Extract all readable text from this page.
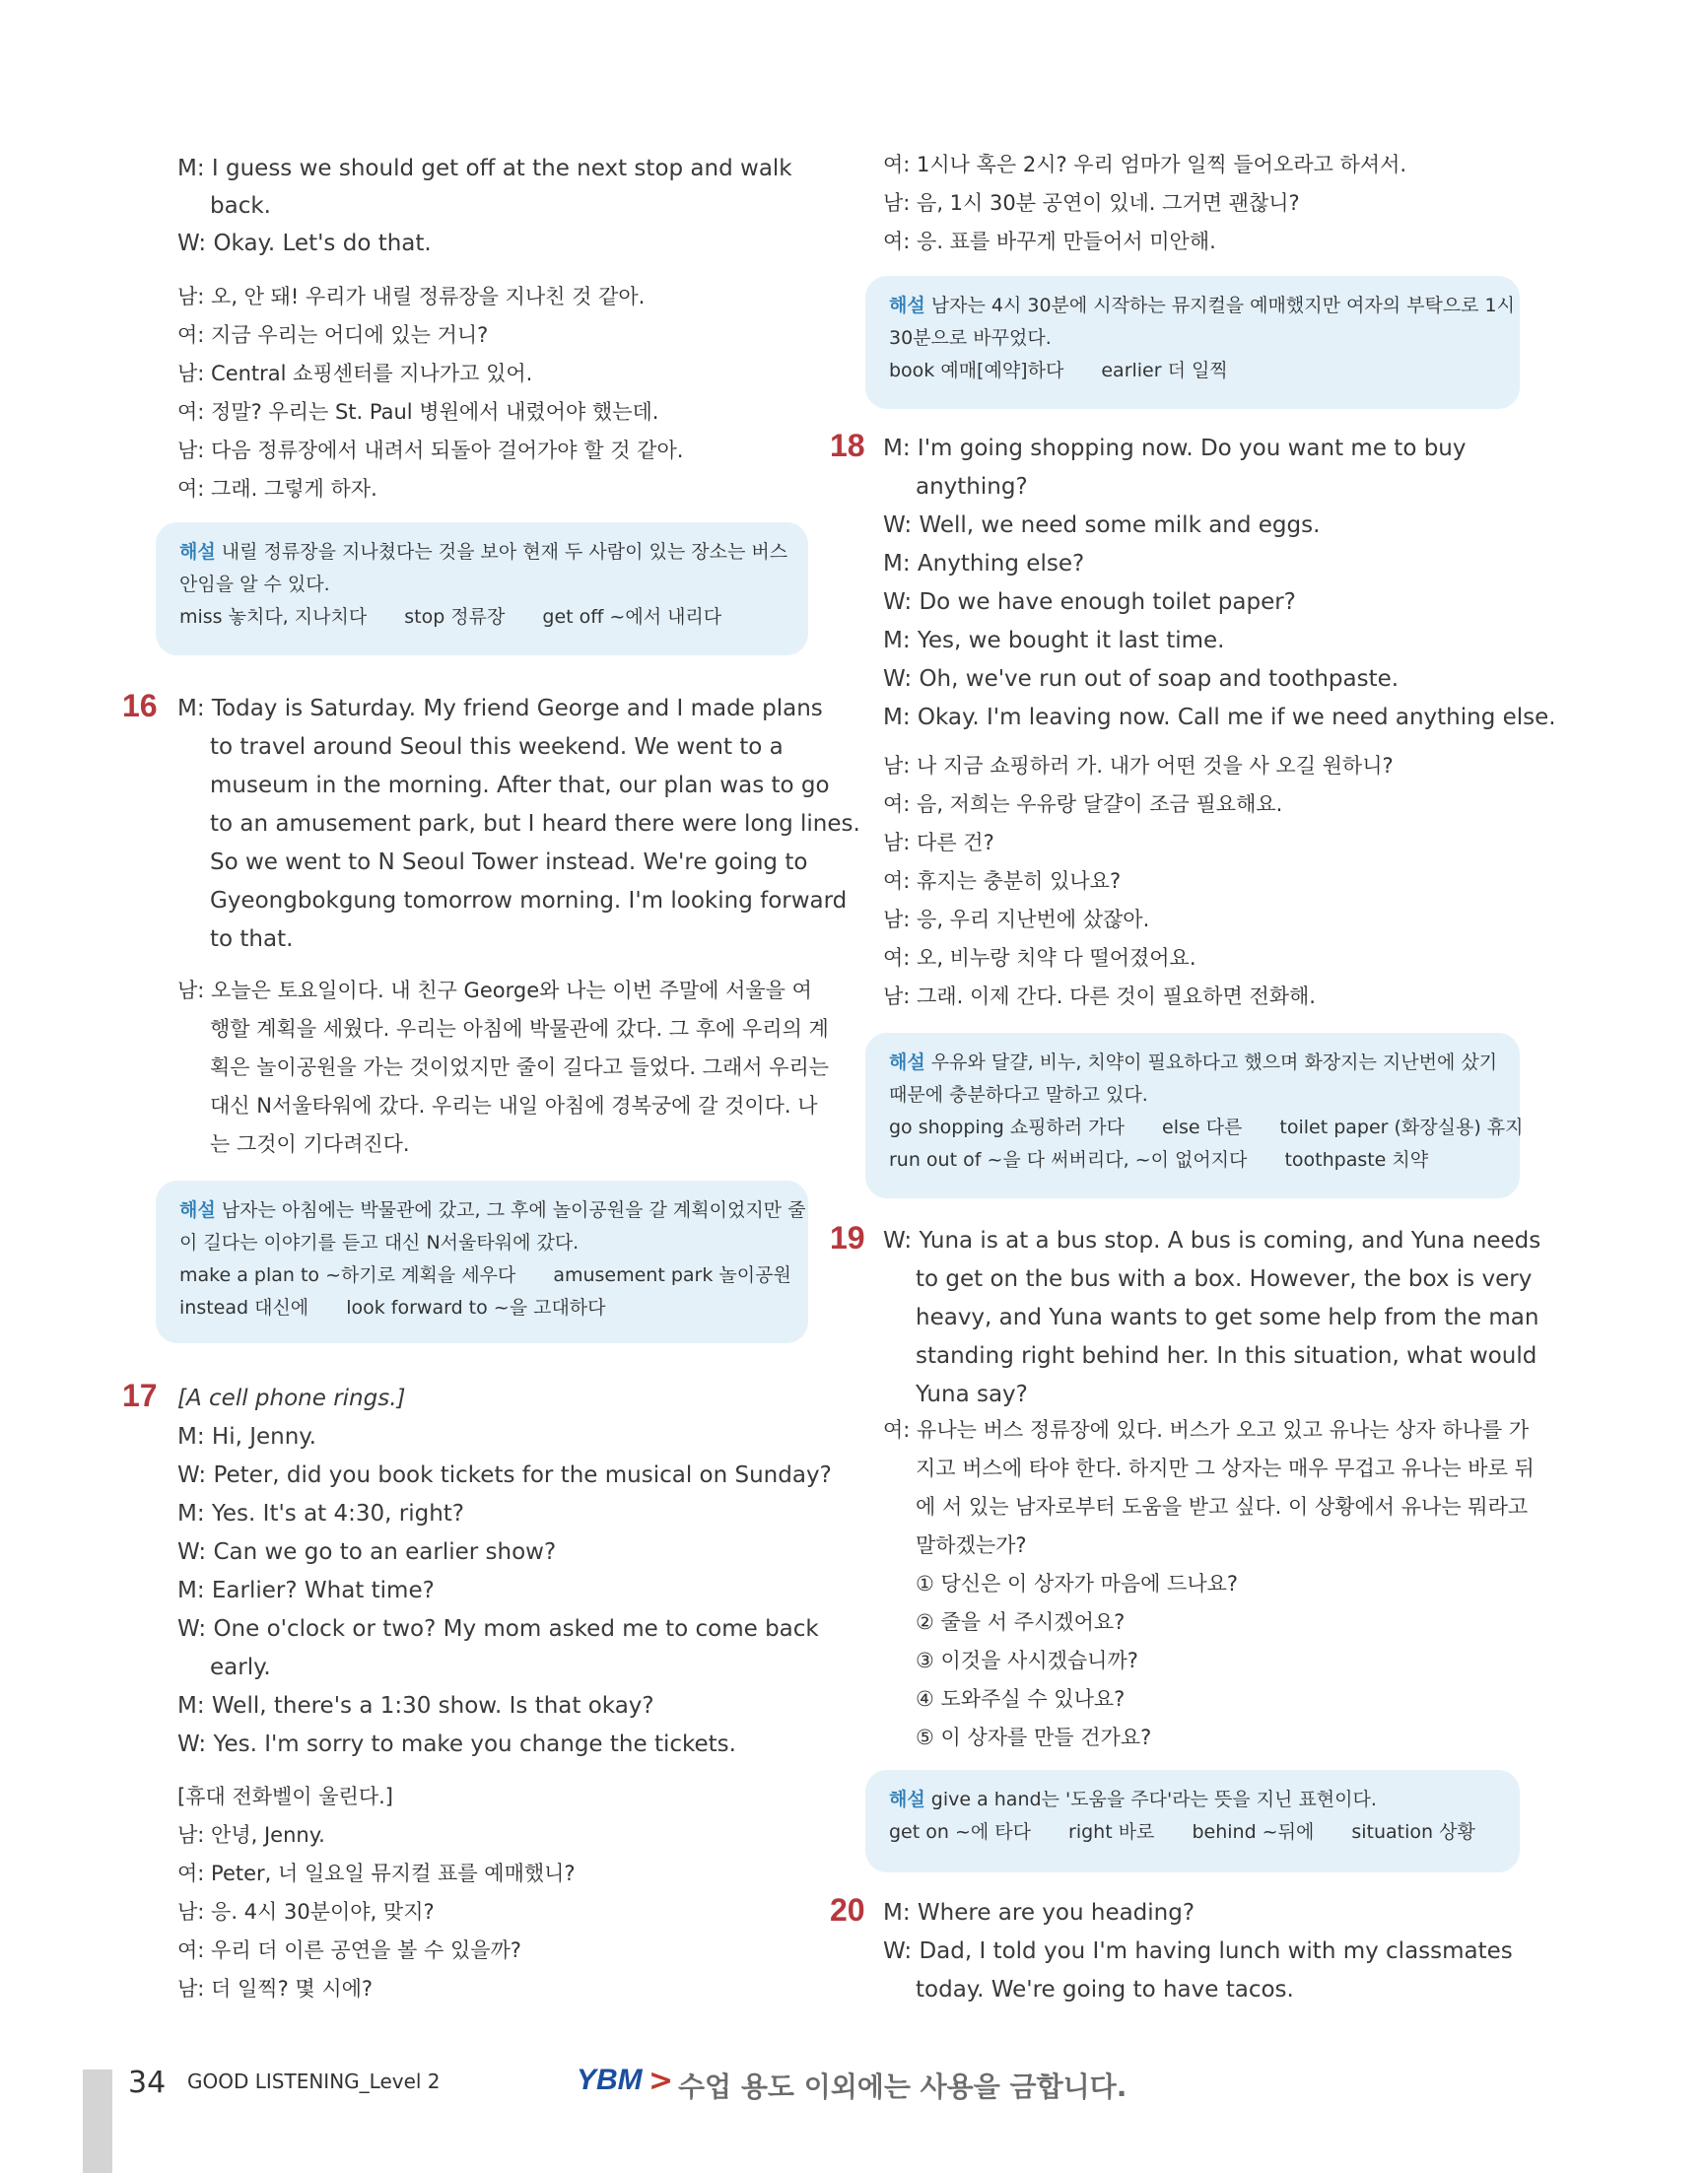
M: I guess we should get off at the next stop and walk
back.
W: Okay. Let's do that.
남: 오, 안 돼! 우리가 내릴 정류장을 지나친 것 같아.
여: 지금 우리는 어디에 있는 거니?
남: Central 쇼핑센터를 지나가고 있어.
여: 정말? 우리는 St. Paul 병원에서 내렸어야 했는데.
남: 다음 정류장에서 내려서 되돌아 걸어가야 할 것 같아.
여: 그래. 그렇게 하자.
해설 내릴 정류장을 지나쳤다는 것을 보아 현재 두 사람이 있는 장소는 버스
안임을 알 수 있다.
miss 놓치다, 지나치다 stop 정류장 get off ~에서 내리다
16 M: Today is Saturday. My friend George and I made plans
to travel around Seoul this weekend. We went to a
museum in the morning. After that, our plan was to go
to an amusement park, but I heard there were long lines.
So we went to N Seoul Tower instead. We're going to
Gyeongbokgung tomorrow morning. I'm looking forward
to that.
남: 오늘은 토요일이다. 내 친구 George와 나는 이번 주말에 서울을 여
행할 계획을 세웠다. 우리는 아침에 박물관에 갔다. 그 후에 우리의 계
획은 놀이공원을 가는 것이었지만 줄이 길다고 들었다. 그래서 우리는
대신 N서울타워에 갔다. 우리는 내일 아침에 경복궁에 갈 것이다. 나
는 그것이 기다려진다.
해설 남자는 아침에는 박물관에 갔고, 그 후에 놀이공원을 갈 계획이었지만 줄
이 길다는 이야기를 듣고 대신 N서울타워에 갔다.
make a plan to ~하기로 계획을 세우다 amusement park 놀이공원
instead 대신에 look forward to ~을 고대하다
17 [A cell phone rings.]
M: Hi, Jenny.
W: Peter, did you book tickets for the musical on Sunday?
M: Yes. It's at 4:30, right?
W: Can we go to an earlier show?
M: Earlier? What time?
W: One o'clock or two? My mom asked me to come back
early.
M: Well, there's a 1:30 show. Is that okay?
W: Yes. I'm sorry to make you change the tickets.
[휴대 전화벨이 울린다.]
남: 안녕, Jenny.
여: Peter, 너 일요일 뮤지컬 표를 예매했니?
남: 응. 4시 30분이야, 맞지?
여: 우리 더 이른 공연을 볼 수 있을까?
남: 더 일찍? 몇 시에?
여: 1시나 혹은 2시? 우리 엄마가 일찍 들어오라고 하셔서.
남: 음, 1시 30분 공연이 있네. 그거면 괜찮니?
여: 응. 표를 바꾸게 만들어서 미안해.
해설 남자는 4시 30분에 시작하는 뮤지컬을 예매했지만 여자의 부탁으로 1시
30분으로 바꾸었다.
book 예매[예약]하다 earlier 더 일찍
18 M: I'm going shopping now. Do you want me to buy
anything?
W: Well, we need some milk and eggs.
M: Anything else?
W: Do we have enough toilet paper?
M: Yes, we bought it last time.
W: Oh, we've run out of soap and toothpaste.
M: Okay. I'm leaving now. Call me if we need anything else.
남: 나 지금 쇼핑하러 가. 내가 어떤 것을 사 오길 원하니?
여: 음, 저희는 우유랑 달걀이 조금 필요해요.
남: 다른 건?
여: 휴지는 충분히 있나요?
남: 응, 우리 지난번에 샀잖아.
여: 오, 비누랑 치약 다 떨어졌어요.
남: 그래. 이제 간다. 다른 것이 필요하면 전화해.
해설 우유와 달걀, 비누, 치약이 필요하다고 했으며 화장지는 지난번에 샀기
때문에 충분하다고 말하고 있다.
go shopping 쇼핑하러 가다 else 다른 toilet paper (화장실용) 휴지
run out of ~을 다 써버리다, ~이 없어지다 toothpaste 치약
19 W: Yuna is at a bus stop. A bus is coming, and Yuna needs
to get on the bus with a box. However, the box is very
heavy, and Yuna wants to get some help from the man
standing right behind her. In this situation, what would
Yuna say?
여: 유나는 버스 정류장에 있다. 버스가 오고 있고 유나는 상자 하나를 가
지고 버스에 타야 한다. 하지만 그 상자는 매우 무겁고 유나는 바로 뒤
에 서 있는 남자로부터 도움을 받고 싶다. 이 상황에서 유나는 뭐라고
말하겠는가?
① 당신은 이 상자가 마음에 드나요?
② 줄을 서 주시겠어요?
③ 이것을 사시겠습니까?
④ 도와주실 수 있나요?
⑤ 이 상자를 만들 건가요?
해설 give a hand는 '도움을 주다'라는 뜻을 지닌 표현이다.
get on ~에 타다 right 바로 behind ~뒤에 situation 상황
20 M: Where are you heading?
W: Dad, I told you I'm having lunch with my classmates
today. We're going to have tacos.
34 GOOD LISTENING_Level 2	YBM > 수업 용도 이외에는 사용을 금합니다.
